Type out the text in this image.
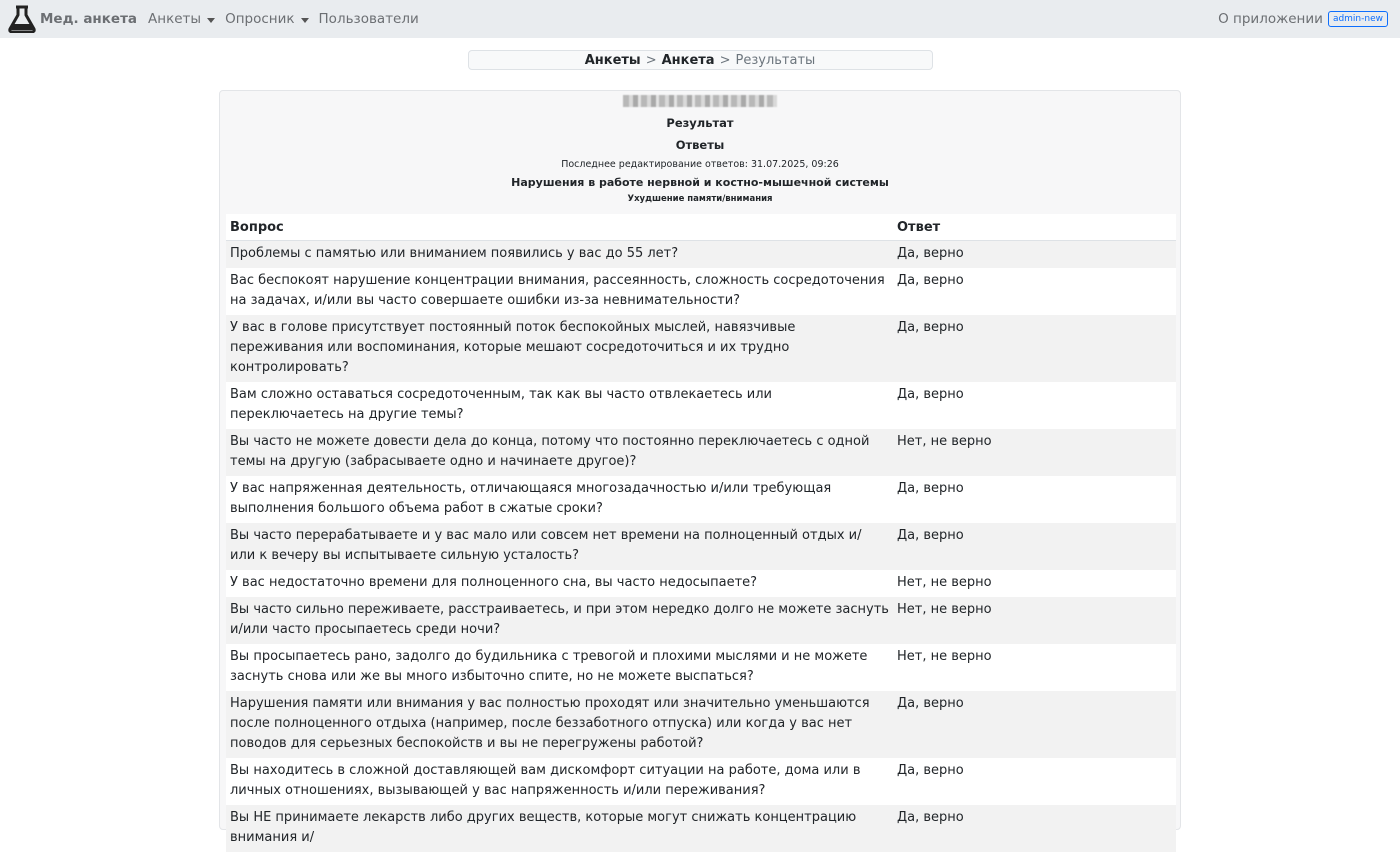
Мед. анкета Анкеты Опросник Пользователи	О приложении	admin-new
Анкеты > Анкета > Результаты
Результат
Ответы
Последнее редактирование ответов: 31.07.2025, 09:26
Нарушения в работе нервной и костно-мышечной системы
Ухудшение памяти/внимания
Вопрос	Ответ
Проблемы с памятью или вниманием появились у вас до 55 лет?	Да, верно
Вас беспокоят нарушение концентрации внимания, рассеянность, сложность сосредоточения на задачах, и/или вы часто совершаете ошибки из-за невнимательности?	Да, верно
У вас в голове присутствует постоянный поток беспокойных мыслей, навязчивые переживания или воспоминания, которые мешают сосредоточиться и их трудно контролировать?	Да, верно
Вам сложно оставаться сосредоточенным, так как вы часто отвлекаетесь или переключаетесь на другие темы?	Да, верно
Вы часто не можете довести дела до конца, потому что постоянно переключаетесь с одной темы на другую (забрасываете одно и начинаете другое)?	Нет, не верно
У вас напряженная деятельность, отличающаяся многозадачностью и/или требующая выполнения большого объема работ в сжатые сроки?	Да, верно
Вы часто перерабатываете и у вас мало или совсем нет времени на полноценный отдых и/ или к вечеру вы испытываете сильную усталость?	Да, верно
У вас недостаточно времени для полноценного сна, вы часто недосыпаете?	Нет, не верно
Вы часто сильно переживаете, расстраиваетесь, и при этом нередко долго не можете заснуть и/или часто просыпаетесь среди ночи?	Нет, не верно
Вы просыпаетесь рано, задолго до будильника с тревогой и плохими мыслями и не можете заснуть снова или же вы много избыточно спите, но не можете выспаться?	Нет, не верно
Нарушения памяти или внимания у вас полностью проходят или значительно уменьшаются после полноценного отдыха (например, после беззаботного отпуска) или когда у вас нет поводов для серьезных беспокойств и вы не перегружены работой?	Да, верно
Вы находитесь в сложной доставляющей вам дискомфорт ситуации на работе, дома или в личных отношениях, вызывающей у вас напряженность и/или переживания?	Да, верно
Вы НЕ принимаете лекарств либо других веществ, которые могут снижать концентрацию внимания и/	Да, верно
